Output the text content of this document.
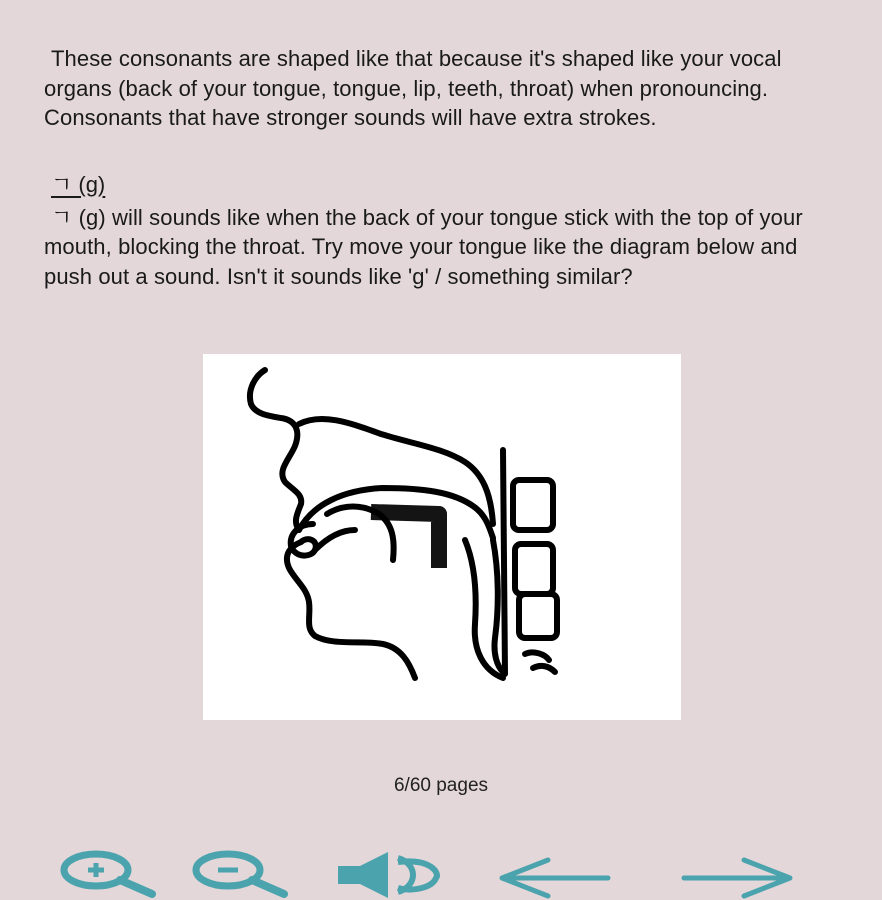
These consonants are shaped like that because it's shaped like your vocal organs (back of your tongue, tongue, lip, teeth, throat) when pronouncing. Consonants that have stronger sounds will have extra strokes.

ㄱ (g)

ㄱ (g) will sounds like when the back of your tongue stick with the top of your mouth, blocking the throat. Try move your tongue like the diagram below and push out a sound. Isn't it sounds like 'g' / something similar?

6/60 pages
